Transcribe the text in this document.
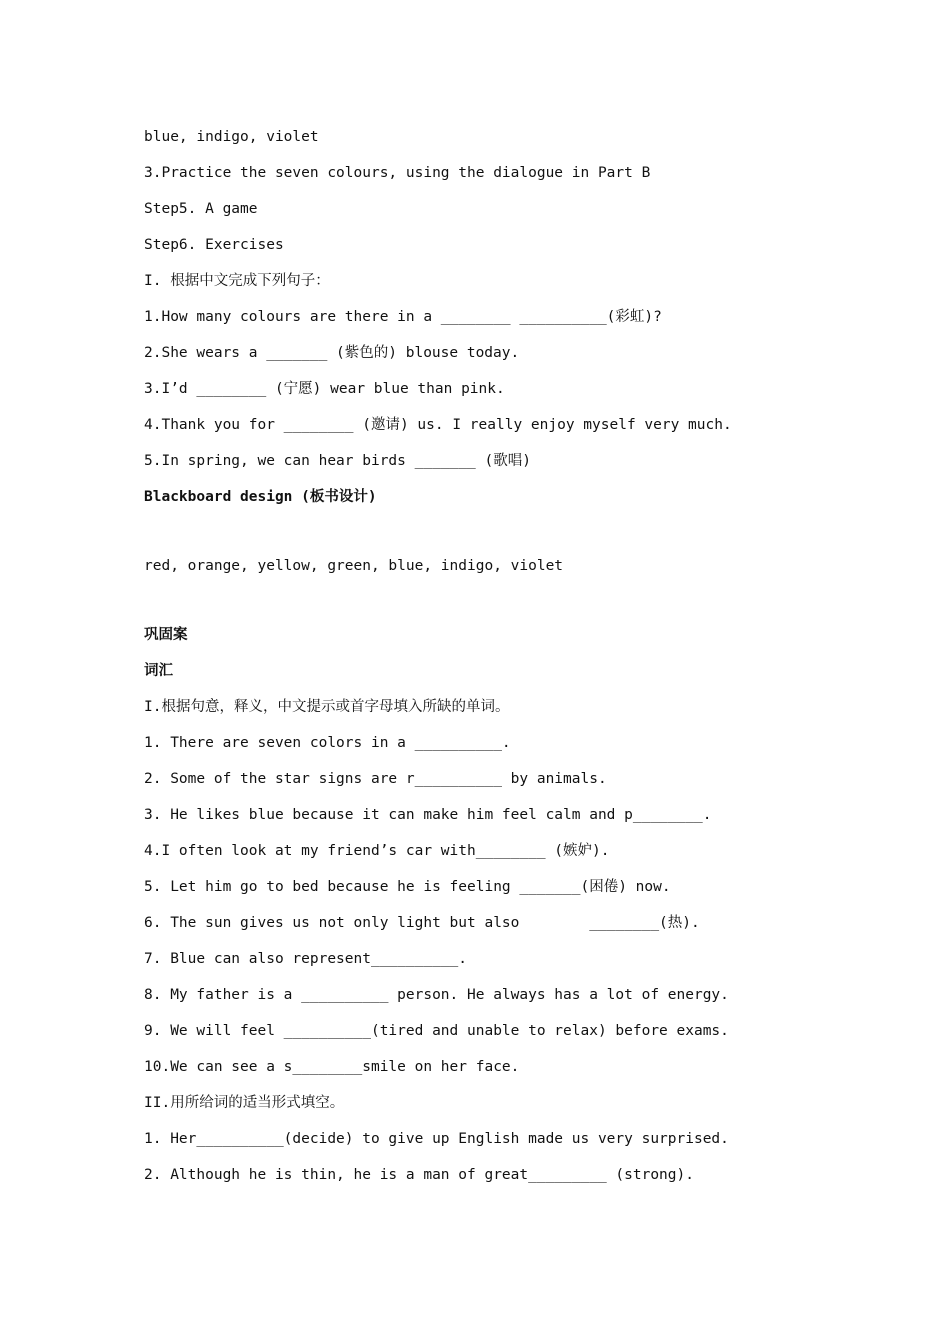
blue, indigo, violet
3.Practice the seven colours, using the dialogue in Part B
Step5. A game
Step6. Exercises
I. 根据中文完成下列句子：
1.How many colours are there in a ________ __________(彩虹)?
2.She wears a _______ (紫色的) blouse today.
3.I’d ________ (宁愿) wear blue than pink.
4.Thank you for ________ (邀请) us. I really enjoy myself very much.
5.In spring, we can hear birds _______ (歌唱)
Blackboard design (板书设计)
red, orange, yellow, green, blue, indigo, violet
巩固案
词汇
I.根据句意，释义，中文提示或首字母填入所缺的单词。
1. There are seven colors in a __________.
2. Some of the star signs are r__________ by animals.
3. He likes blue because it can make him feel calm and p________.
4.I often look at my friend’s car with________ (嫉妒).
5. Let him go to bed because he is feeling _______(困倦) now.
6. The sun gives us not only light but also        ________(热).
7. Blue can also represent__________.
8. My father is a __________ person. He always has a lot of energy.
9. We will feel __________(tired and unable to relax) before exams.
10.We can see a s________smile on her face.
II.用所给词的适当形式填空。
1. Her__________(decide) to give up English made us very surprised.
2. Although he is thin, he is a man of great_________ (strong).
